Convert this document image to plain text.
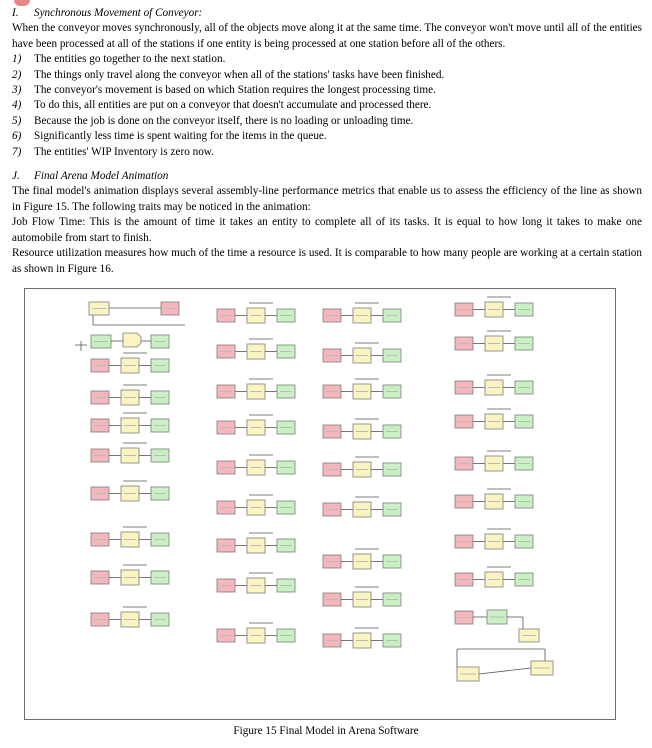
I. Synchronous Movement of Conveyor:

When the conveyor moves synchronously, all of the objects move along it at the same time. The conveyor won't move until all of the entities have been processed at all of the stations if one entity is being processed at one station before all of the others.

1)	The entities go together to the next station.
2)	The things only travel along the conveyor when all of the stations' tasks have been finished.
3)	The conveyor's movement is based on which Station requires the longest processing time.
4)	To do this, all entities are put on a conveyor that doesn't accumulate and processed there.
5)	Because the job is done on the conveyor itself, there is no loading or unloading time.
6)	Significantly less time is spent waiting for the items in the queue.
7)	The entities' WIP Inventory is zero now.
J. Final Arena Model Animation

The final model's animation displays several assembly-line performance metrics that enable us to assess the efficiency of the line as shown in Figure 15. The following traits may be noticed in the animation:

Job Flow Time: This is the amount of time it takes an entity to complete all of its tasks. It is equal to how long it takes to make one automobile from start to finish.

Resource utilization measures how much of the time a resource is used. It is comparable to how many people are working at a certain station as shown in Figure 16.

Figure 15 Final Model in Arena Software
